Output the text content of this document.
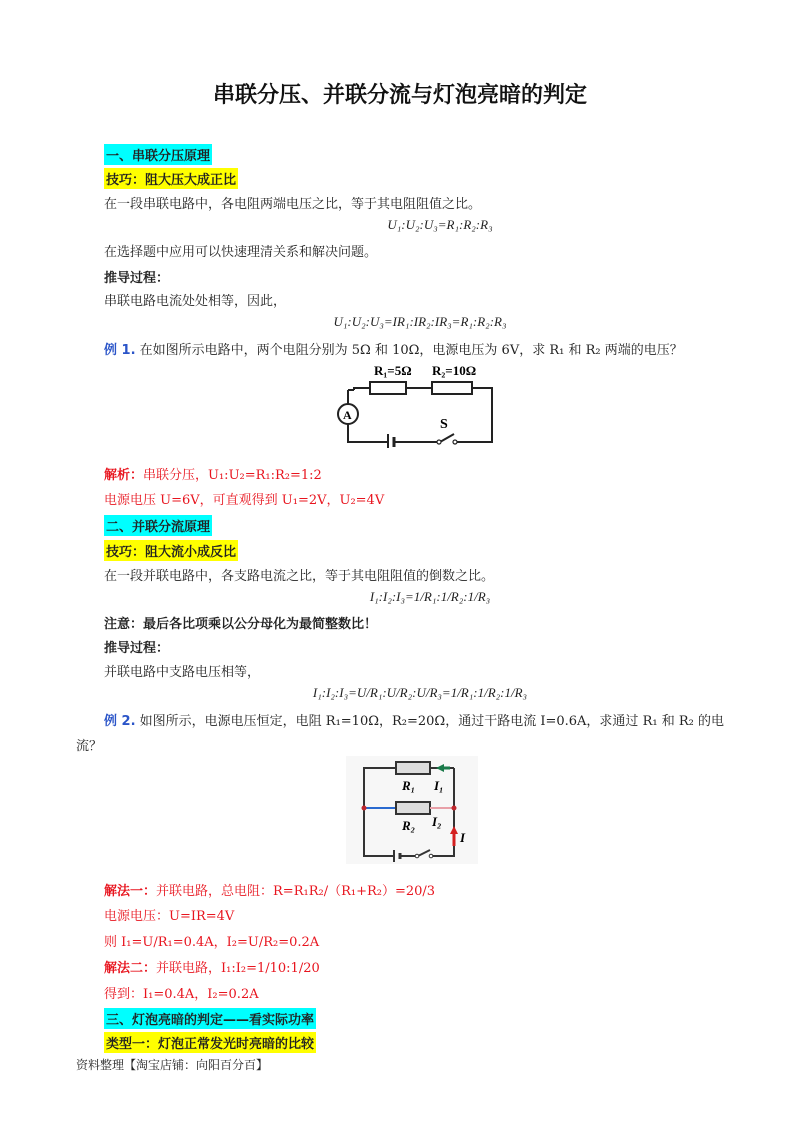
串联分压、并联分流与灯泡亮暗的判定
一、串联分压原理
技巧：阻大压大成正比
在一段串联电路中，各电阻两端电压之比，等于其电阻阻值之比。
U₁:U₂:U₃=R₁:R₂:R₃
在选择题中应用可以快速理清关系和解决问题。
推导过程：
串联电路电流处处相等，因此，
U₁:U₂:U₃=IR₁:IR₂:IR₃=R₁:R₂:R₃
例 1. 在如图所示电路中，两个电阻分别为 5Ω 和 10Ω，电源电压为 6V，求 R₁ 和 R₂ 两端的电压？
R₁=5Ω R₂=10Ω
A
S
解析：串联分压，U₁:U₂=R₁:R₂=1:2
电源电压 U=6V，可直观得到 U₁=2V，U₂=4V
二、并联分流原理
技巧：阻大流小成反比
在一段并联电路中，各支路电流之比，等于其电阻阻值的倒数之比。
I₁:I₂:I₃=1/R₁:1/R₂:1/R₃
注意：最后各比项乘以公分母化为最简整数比！
推导过程：
并联电路中支路电压相等，
I₁:I₂:I₃=U/R₁:U/R₂:U/R₃=1/R₁:1/R₂:1/R₃
例 2. 如图所示，电源电压恒定，电阻 R₁=10Ω，R₂=20Ω，通过干路电流 I=0.6A，求通过 R₁ 和 R₂ 的电
流？
R₁ I₁
R₂ I₂
I
解法一：并联电路，总电阻：R=R₁R₂/（R₁+R₂）=20/3
电源电压：U=IR=4V
则 I₁=U/R₁=0.4A，I₂=U/R₂=0.2A
解法二：并联电路，I₁:I₂=1/10:1/20
得到：I₁=0.4A，I₂=0.2A
三、灯泡亮暗的判定——看实际功率
类型一：灯泡正常发光时亮暗的比较
资料整理【淘宝店铺：向阳百分百】
